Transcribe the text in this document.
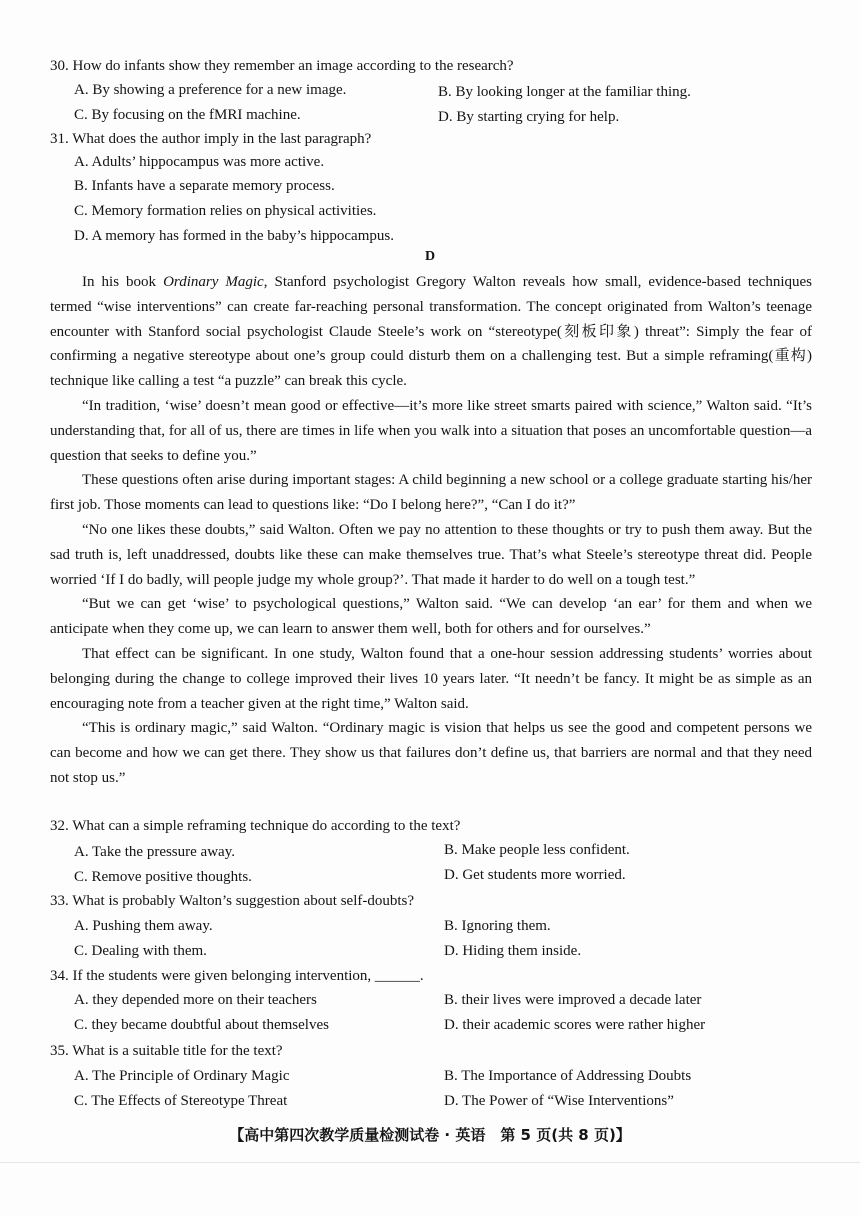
30. How do infants show they remember an image according to the research?
A. By showing a preference for a new image.	B. By looking longer at the familiar thing.
C. By focusing on the fMRI machine.	D. By starting crying for help.
31. What does the author imply in the last paragraph?
A. Adults’ hippocampus was more active.
B. Infants have a separate memory process.
C. Memory formation relies on physical activities.
D. A memory has formed in the baby’s hippocampus.
D

In his book Ordinary Magic, Stanford psychologist Gregory Walton reveals how small, evidence-based techniques termed “wise interventions” can create far-reaching personal transformation. The concept originated from Walton’s teenage encounter with Stanford social psychologist Claude Steele’s work on “stereotype(刻板印象) threat”: Simply the fear of confirming a negative stereotype about one’s group could disturb them on a challenging test. But a simple reframing(重构) technique like calling a test “a puzzle” can break this cycle.

“In tradition, ‘wise’ doesn’t mean good or effective—it’s more like street smarts paired with science,” Walton said. “It’s understanding that, for all of us, there are times in life when you walk into a situation that poses an uncomfortable question—a question that seeks to define you.”

These questions often arise during important stages: A child beginning a new school or a college graduate starting his/her first job. Those moments can lead to questions like: “Do I belong here?”, “Can I do it?”

“No one likes these doubts,” said Walton. Often we pay no attention to these thoughts or try to push them away. But the sad truth is, left unaddressed, doubts like these can make themselves true. That’s what Steele’s stereotype threat did. People worried ‘If I do badly, will people judge my whole group?’. That made it harder to do well on a tough test.”

“But we can get ‘wise’ to psychological questions,” Walton said. “We can develop ‘an ear’ for them and when we anticipate when they come up, we can learn to answer them well, both for others and for ourselves.”

That effect can be significant. In one study, Walton found that a one-hour session addressing students’ worries about belonging during the change to college improved their lives 10 years later. “It needn’t be fancy. It might be as simple as an encouraging note from a teacher given at the right time,” Walton said.

“This is ordinary magic,” said Walton. “Ordinary magic is vision that helps us see the good and competent persons we can become and how we can get there. They show us that failures don’t define us, that barriers are normal and that they need not stop us.”

32. What can a simple reframing technique do according to the text?
A. Take the pressure away.	B. Make people less confident.
C. Remove positive thoughts.	D. Get students more worried.
33. What is probably Walton’s suggestion about self-doubts?
A. Pushing them away.	B. Ignoring them.
C. Dealing with them.	D. Hiding them inside.
34. If the students were given belonging intervention, ______.
A. they depended more on their teachers	B. their lives were improved a decade later
C. they became doubtful about themselves	D. their academic scores were rather higher
35. What is a suitable title for the text?
A. The Principle of Ordinary Magic	B. The Importance of Addressing Doubts
C. The Effects of Stereotype Threat	D. The Power of “Wise Interventions”
【高中第四次教学质量检测试卷 · 英语　第 5 页(共 8 页)】
